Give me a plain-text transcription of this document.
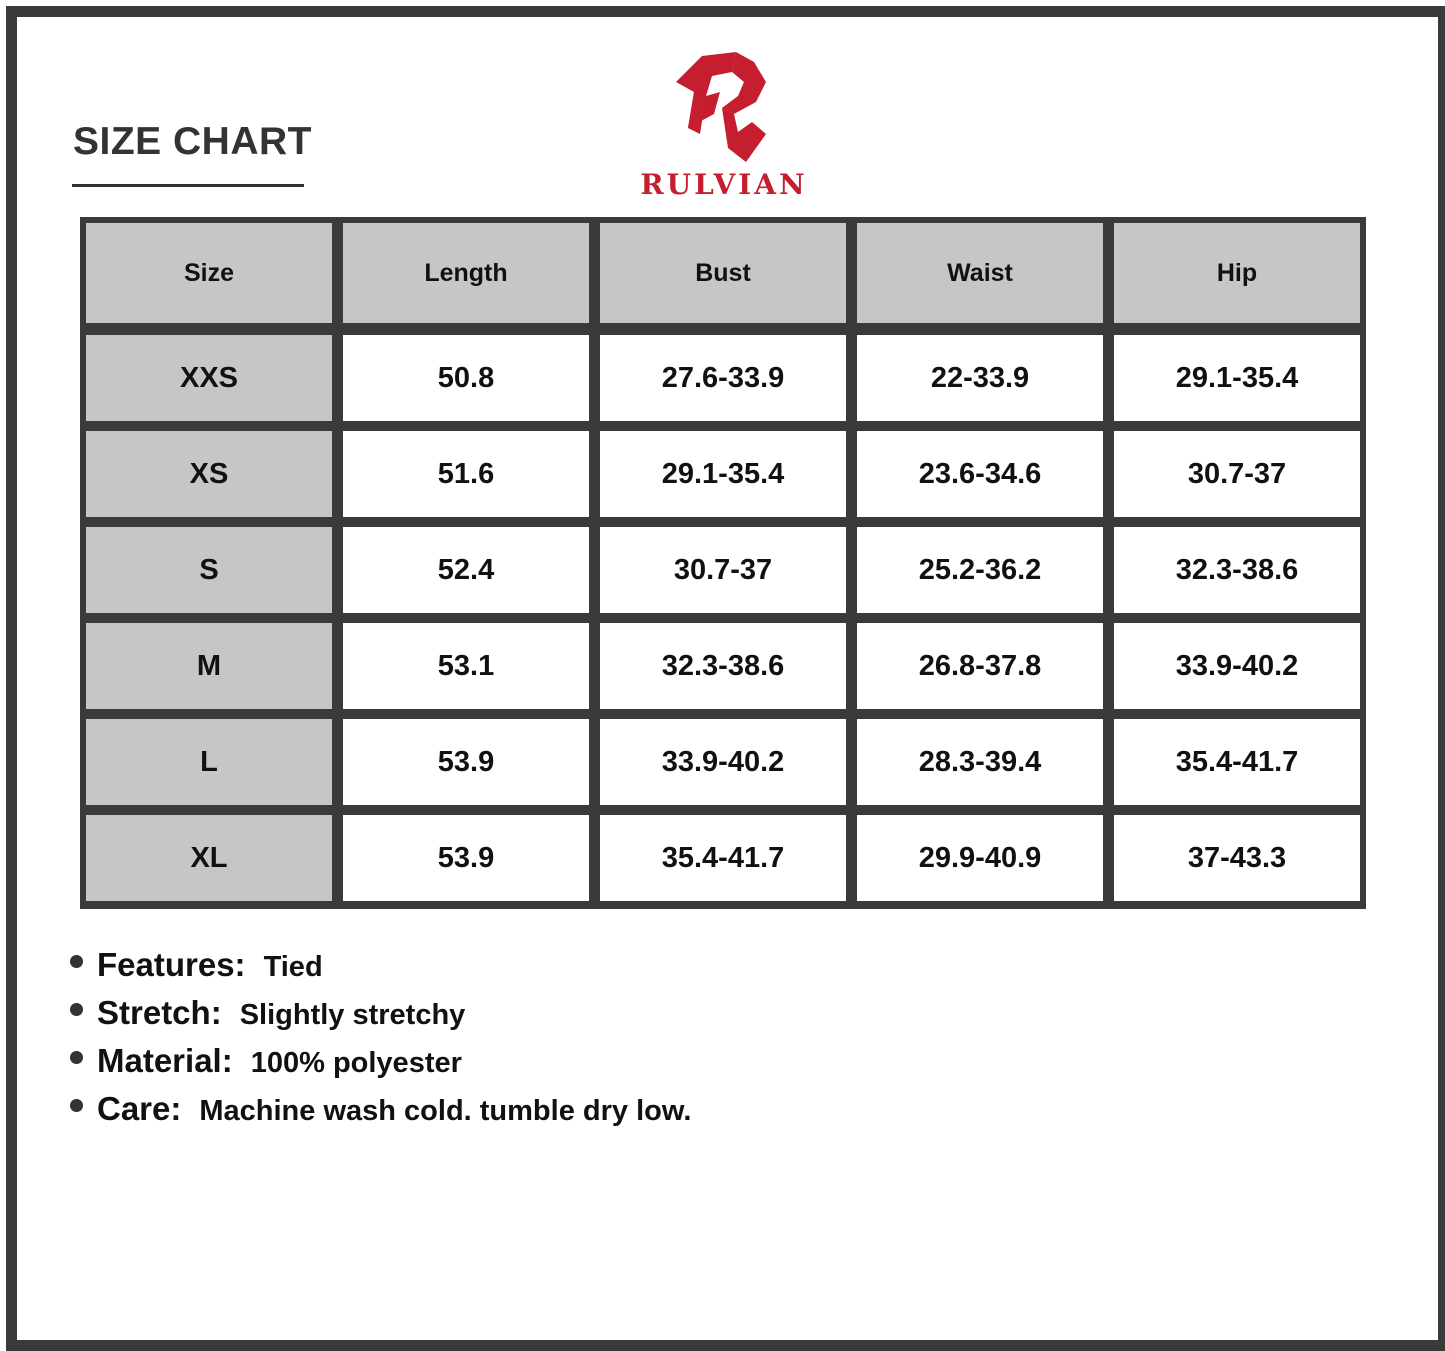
SIZE CHART
RULVIAN
Size	Length	Bust	Waist	Hip
XXS	50.8	27.6-33.9	22-33.9	29.1-35.4
XS	51.6	29.1-35.4	23.6-34.6	30.7-37
S	52.4	30.7-37	25.2-36.2	32.3-38.6
M	53.1	32.3-38.6	26.8-37.8	33.9-40.2
L	53.9	33.9-40.2	28.3-39.4	35.4-41.7
XL	53.9	35.4-41.7	29.9-40.9	37-43.3
Features: Tied
Stretch: Slightly stretchy
Material: 100% polyester
Care: Machine wash cold. tumble dry low.
